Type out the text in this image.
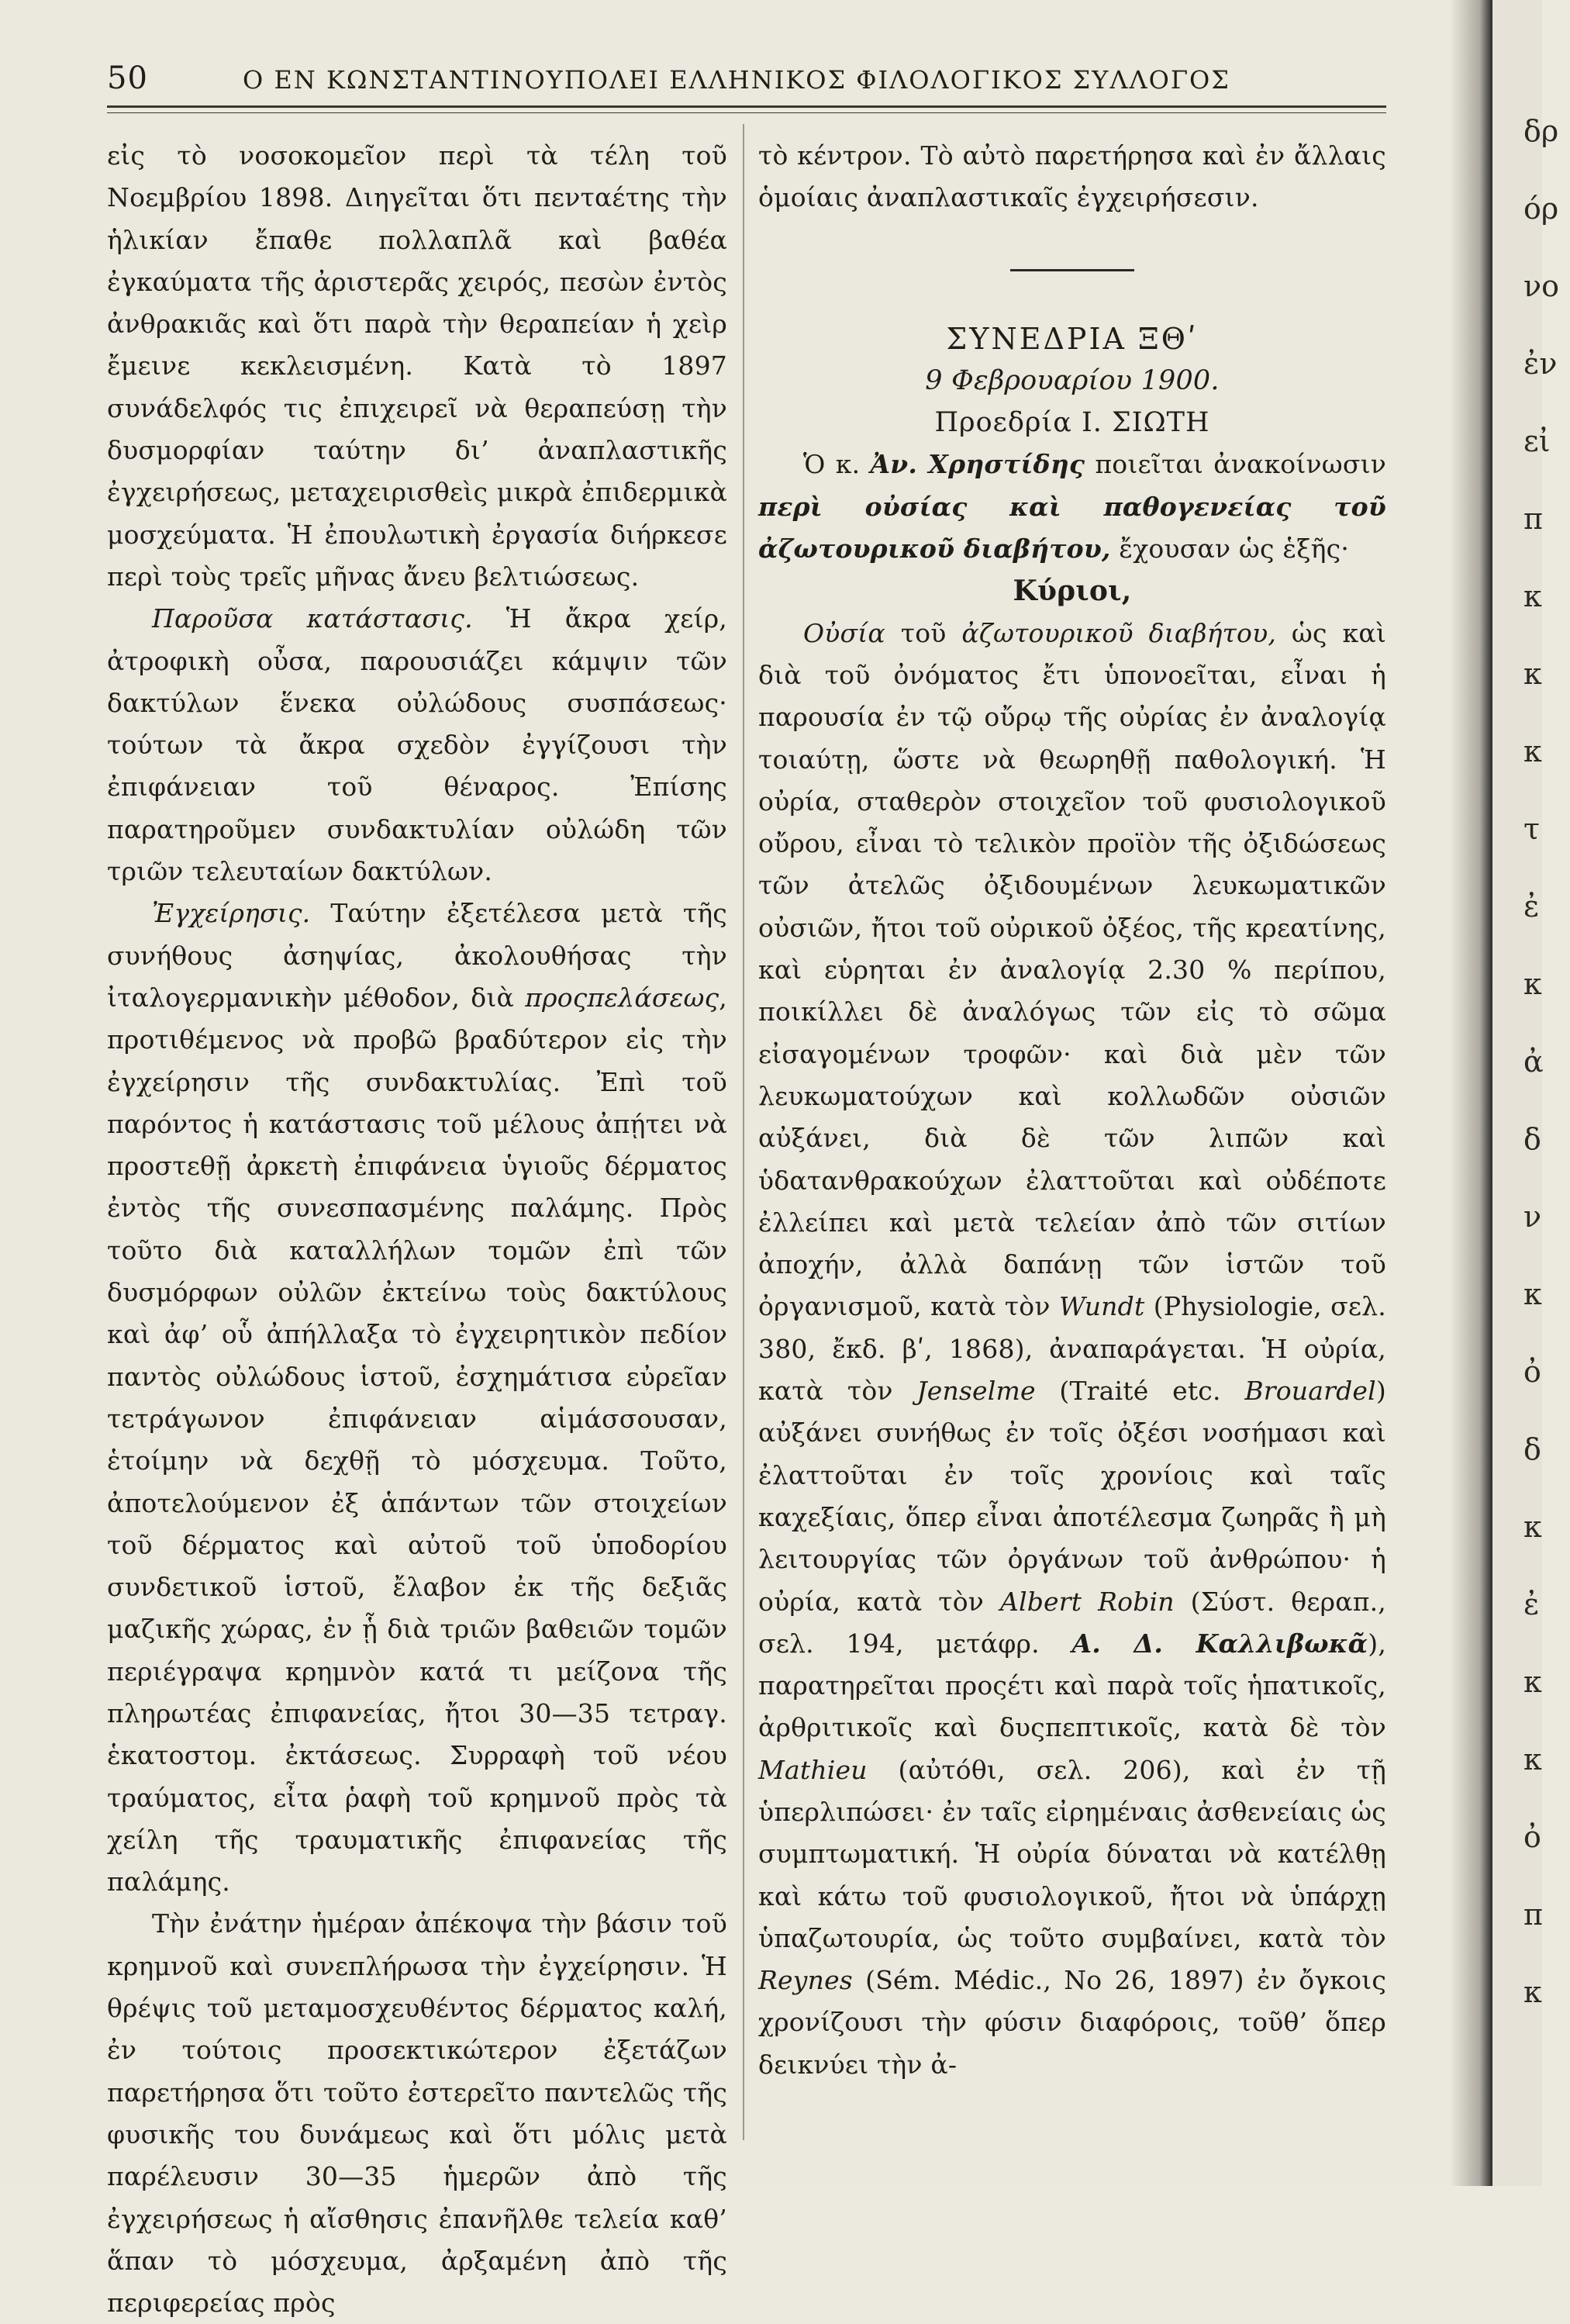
50	Ο ΕΝ ΚΩΝΣΤΑΝΤΙΝΟΥΠΟΛΕΙ ΕΛΛΗΝΙΚΟΣ ΦΙΛΟΛΟΓΙΚΟΣ ΣΥΛΛΟΓΟΣ

εἰς τὸ νοσοκομεῖον περὶ τὰ τέλη τοῦ Νοεμβρίου 1898. Διηγεῖται ὅτι πενταέτης τὴν ἡλικίαν ἔπαθε πολλαπλᾶ καὶ βαθέα ἐγκαύματα τῆς ἀριστερᾶς χειρός, πεσὼν ἐντὸς ἀνθρακιᾶς καὶ ὅτι παρὰ τὴν θεραπείαν ἡ χεὶρ ἔμεινε κεκλεισμένη. Κατὰ τὸ 1897 συνάδελφός τις ἐπιχειρεῖ νὰ θεραπεύσῃ τὴν δυσμορφίαν ταύτην δι’ ἀναπλαστικῆς ἐγχειρήσεως, μεταχειρισθεὶς μικρὰ ἐπιδερμικὰ μοσχεύματα. Ἡ ἐπουλωτικὴ ἐργασία διήρκεσε περὶ τοὺς τρεῖς μῆνας ἄνευ βελτιώσεως.

Παροῦσα κατάστασις. Ἡ ἄκρα χείρ, ἀτροφικὴ οὖσα, παρουσιάζει κάμψιν τῶν δακτύλων ἕνεκα οὐλώδους συσπάσεως· τούτων τὰ ἄκρα σχεδὸν ἐγγίζουσι τὴν ἐπιφάνειαν τοῦ θέναρος. Ἐπίσης παρατηροῦμεν συνδακτυλίαν οὐλώδη τῶν τριῶν τελευταίων δακτύλων.

Ἐγχείρησις. Ταύτην ἐξετέλεσα μετὰ τῆς συνήθους ἀσηψίας, ἀκολουθήσας τὴν ἰταλογερμανικὴν μέθοδον, διὰ προςπελάσεως, προτιθέμενος νὰ προβῶ βραδύτερον εἰς τὴν ἐγχείρησιν τῆς συνδακτυλίας. Ἐπὶ τοῦ παρόντος ἡ κατάστασις τοῦ μέλους ἀπῄτει νὰ προστεθῇ ἀρκετὴ ἐπιφάνεια ὑγιοῦς δέρματος ἐντὸς τῆς συνεσπασμένης παλάμης. Πρὸς τοῦτο διὰ καταλλήλων τομῶν ἐπὶ τῶν δυσμόρφων οὐλῶν ἐκτείνω τοὺς δακτύλους καὶ ἀφ’ οὗ ἀπήλλαξα τὸ ἐγχειρητικὸν πεδίον παντὸς οὐλώδους ἱστοῦ, ἐσχημάτισα εὐρεῖαν τετράγωνον ἐπιφάνειαν αἱμάσσουσαν, ἑτοίμην νὰ δεχθῇ τὸ μόσχευμα. Τοῦτο, ἀποτελούμενον ἐξ ἁπάντων τῶν στοιχείων τοῦ δέρματος καὶ αὐτοῦ τοῦ ὑποδορίου συνδετικοῦ ἱστοῦ, ἔλαβον ἐκ τῆς δεξιᾶς μαζικῆς χώρας, ἐν ᾗ διὰ τριῶν βαθειῶν τομῶν περιέγραψα κρημνὸν κατά τι μείζονα τῆς πληρωτέας ἐπιφανείας, ἤτοι 30—35 τετραγ. ἑκατοστομ. ἐκτάσεως. Συρραφὴ τοῦ νέου τραύματος, εἶτα ῥαφὴ τοῦ κρημνοῦ πρὸς τὰ χείλη τῆς τραυματικῆς ἐπιφανείας τῆς παλάμης.

Τὴν ἐνάτην ἡμέραν ἀπέκοψα τὴν βάσιν τοῦ κρημνοῦ καὶ συνεπλήρωσα τὴν ἐγχείρησιν. Ἡ θρέψις τοῦ μεταμοσχευθέντος δέρματος καλή, ἐν τούτοις προσεκτικώτερον ἐξετάζων παρετήρησα ὅτι τοῦτο ἐστερεῖτο παντελῶς τῆς φυσικῆς του δυνάμεως καὶ ὅτι μόλις μετὰ παρέλευσιν 30—35 ἡμερῶν ἀπὸ τῆς ἐγχειρήσεως ἡ αἴσθησις ἐπανῆλθε τελεία καθ’ ἅπαν τὸ μόσχευμα, ἀρξαμένη ἀπὸ τῆς περιφερείας πρὸς

τὸ κέντρον. Τὸ αὐτὸ παρετήρησα καὶ ἐν ἄλλαις ὁμοίαις ἀναπλαστικαῖς ἐγχειρήσεσιν.

ΣΥΝΕΔΡΙΑ ΞΘʹ

9 Φεβρουαρίου 1900.

Προεδρία Ι. ΣΙΩΤΗ

Ὁ κ. Ἀν. Χρηστίδης ποιεῖται ἀνακοίνωσιν περὶ οὐσίας καὶ παθογενείας τοῦ ἀζωτουρικοῦ διαβήτου, ἔχουσαν ὡς ἑξῆς·

Κύριοι,

Οὐσία τοῦ ἀζωτουρικοῦ διαβήτου, ὡς καὶ διὰ τοῦ ὀνόματος ἔτι ὑπονοεῖται, εἶναι ἡ παρουσία ἐν τῷ οὔρῳ τῆς οὐρίας ἐν ἀναλογίᾳ τοιαύτῃ, ὥστε νὰ θεωρηθῇ παθολογική. Ἡ οὐρία, σταθερὸν στοιχεῖον τοῦ φυσιολογικοῦ οὔρου, εἶναι τὸ τελικὸν προϊὸν τῆς ὀξιδώσεως τῶν ἀτελῶς ὀξιδουμένων λευκωματικῶν οὐσιῶν, ἤτοι τοῦ οὐρικοῦ ὀξέος, τῆς κρεατίνης, καὶ εὑρηται ἐν ἀναλογίᾳ 2.30 % περίπου, ποικίλλει δὲ ἀναλόγως τῶν εἰς τὸ σῶμα εἰσαγομένων τροφῶν· καὶ διὰ μὲν τῶν λευκωματούχων καὶ κολλωδῶν οὐσιῶν αὐξάνει, διὰ δὲ τῶν λιπῶν καὶ ὑδατανθρακούχων ἐλαττοῦται καὶ οὐδέποτε ἐλλείπει καὶ μετὰ τελείαν ἀπὸ τῶν σιτίων ἀποχήν, ἀλλὰ δαπάνῃ τῶν ἱστῶν τοῦ ὀργανισμοῦ, κατὰ τὸν Wundt (Physiologie, σελ. 380, ἔκδ. βʹ, 1868), ἀναπαράγεται. Ἡ οὐρία, κατὰ τὸν Jenselme (Traité etc. Brouardel) αὐξάνει συνήθως ἐν τοῖς ὀξέσι νοσήμασι καὶ ἐλαττοῦται ἐν τοῖς χρονίοις καὶ ταῖς καχεξίαις, ὅπερ εἶναι ἀποτέλεσμα ζωηρᾶς ἢ μὴ λειτουργίας τῶν ὀργάνων τοῦ ἀνθρώπου· ἡ οὐρία, κατὰ τὸν Albert Robin (Σύστ. θεραπ., σελ. 194, μετάφρ. Α. Δ. Καλλιβωκᾶ), παρατηρεῖται προςέτι καὶ παρὰ τοῖς ἡπατικοῖς, ἀρθριτικοῖς καὶ δυςπεπτικοῖς, κατὰ δὲ τὸν Mathieu (αὐτόθι, σελ. 206), καὶ ἐν τῇ ὑπερλιπώσει· ἐν ταῖς εἰρημέναις ἀσθενείαις ὡς συμπτωματική. Ἡ οὐρία δύναται νὰ κατέλθῃ καὶ κάτω τοῦ φυσιολογικοῦ, ἤτοι νὰ ὑπάρχῃ ὑπαζωτουρία, ὡς τοῦτο συμβαίνει, κατὰ τὸν Reynes (Sém. Médic., No 26, 1897) ἐν ὄγκοις χρονίζουσι τὴν φύσιν διαφόροις, τοῦθ’ ὅπερ δεικνύει τὴν ἀ-

δρ
όρ
νο
ἐν
εἰ
π
κ
κ
κ
τ
ἐ
κ
ἀ
δ
ν
κ
ὀ
δ
κ
ἐ
κ
κ
ὀ
π
κ
